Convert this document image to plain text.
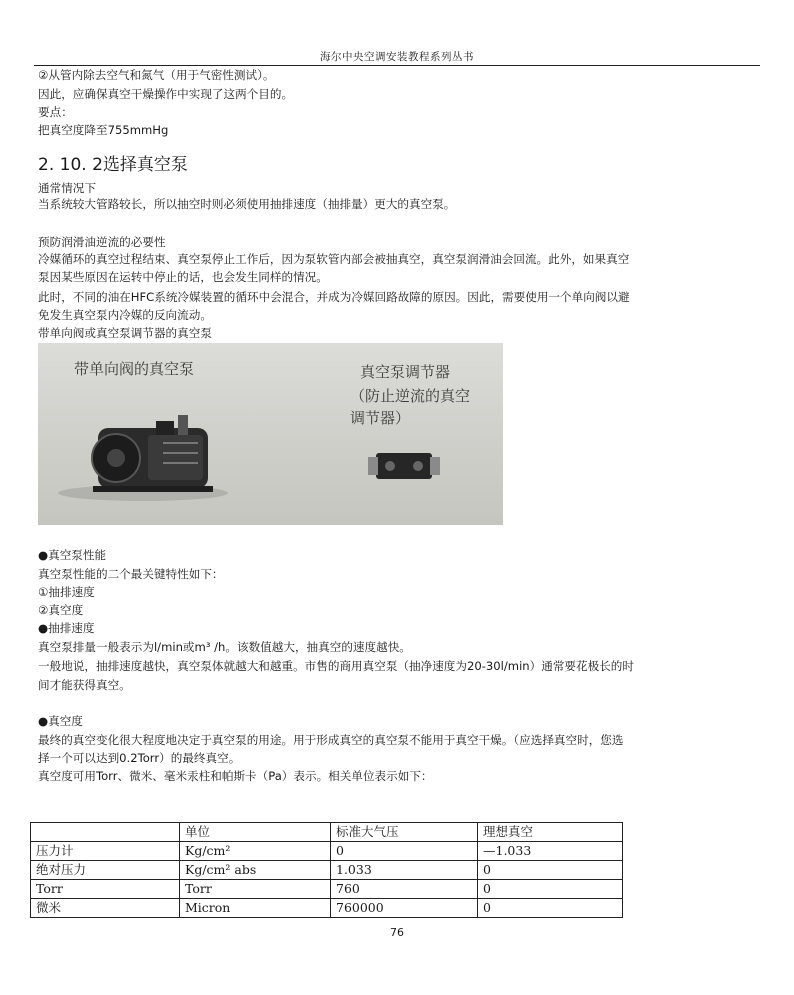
海尔中央空调安装教程系列丛书
②从管内除去空气和氮气（用于气密性测试）。
因此，应确保真空干燥操作中实现了这两个目的。
要点：
把真空度降至755mmHg
2. 10. 2选择真空泵
通常情况下
当系统较大管路较长，所以抽空时则必须使用抽排速度（抽排量）更大的真空泵。
预防润滑油逆流的必要性
冷媒循环的真空过程结束、真空泵停止工作后，因为泵软管内部会被抽真空，真空泵润滑油会回流。此外，如果真空
泵因某些原因在运转中停止的话，也会发生同样的情况。
此时，不同的油在HFC系统冷媒装置的循环中会混合，并成为冷媒回路故障的原因。因此，需要使用一个单向阀以避
免发生真空泵内冷媒的反向流动。
带单向阀或真空泵调节器的真空泵
带单向阀的真空泵	真空泵调节器
（防止逆流的真空
调节器）
●真空泵性能
真空泵性能的二个最关键特性如下：
①抽排速度
②真空度
●抽排速度
真空泵排量一般表示为l/min或m³ /h。该数值越大，抽真空的速度越快。
一般地说，抽排速度越快，真空泵体就越大和越重。市售的商用真空泵（抽净速度为20-30l/min）通常要花极长的时
间才能获得真空。
●真空度
最终的真空变化很大程度地决定于真空泵的用途。用于形成真空的真空泵不能用于真空干燥。（应选择真空时，您选
择一个可以达到0.2Torr）的最终真空。
真空度可用Torr、微米、毫米汞柱和帕斯卡（Pa）表示。相关单位表示如下：
	单位	标准大气压	理想真空
压力计	Kg/cm²	0	—1.033
绝对压力	Kg/cm² abs	1.033	0
Torr	Torr	760	0
微米	Micron	760000	0
76
